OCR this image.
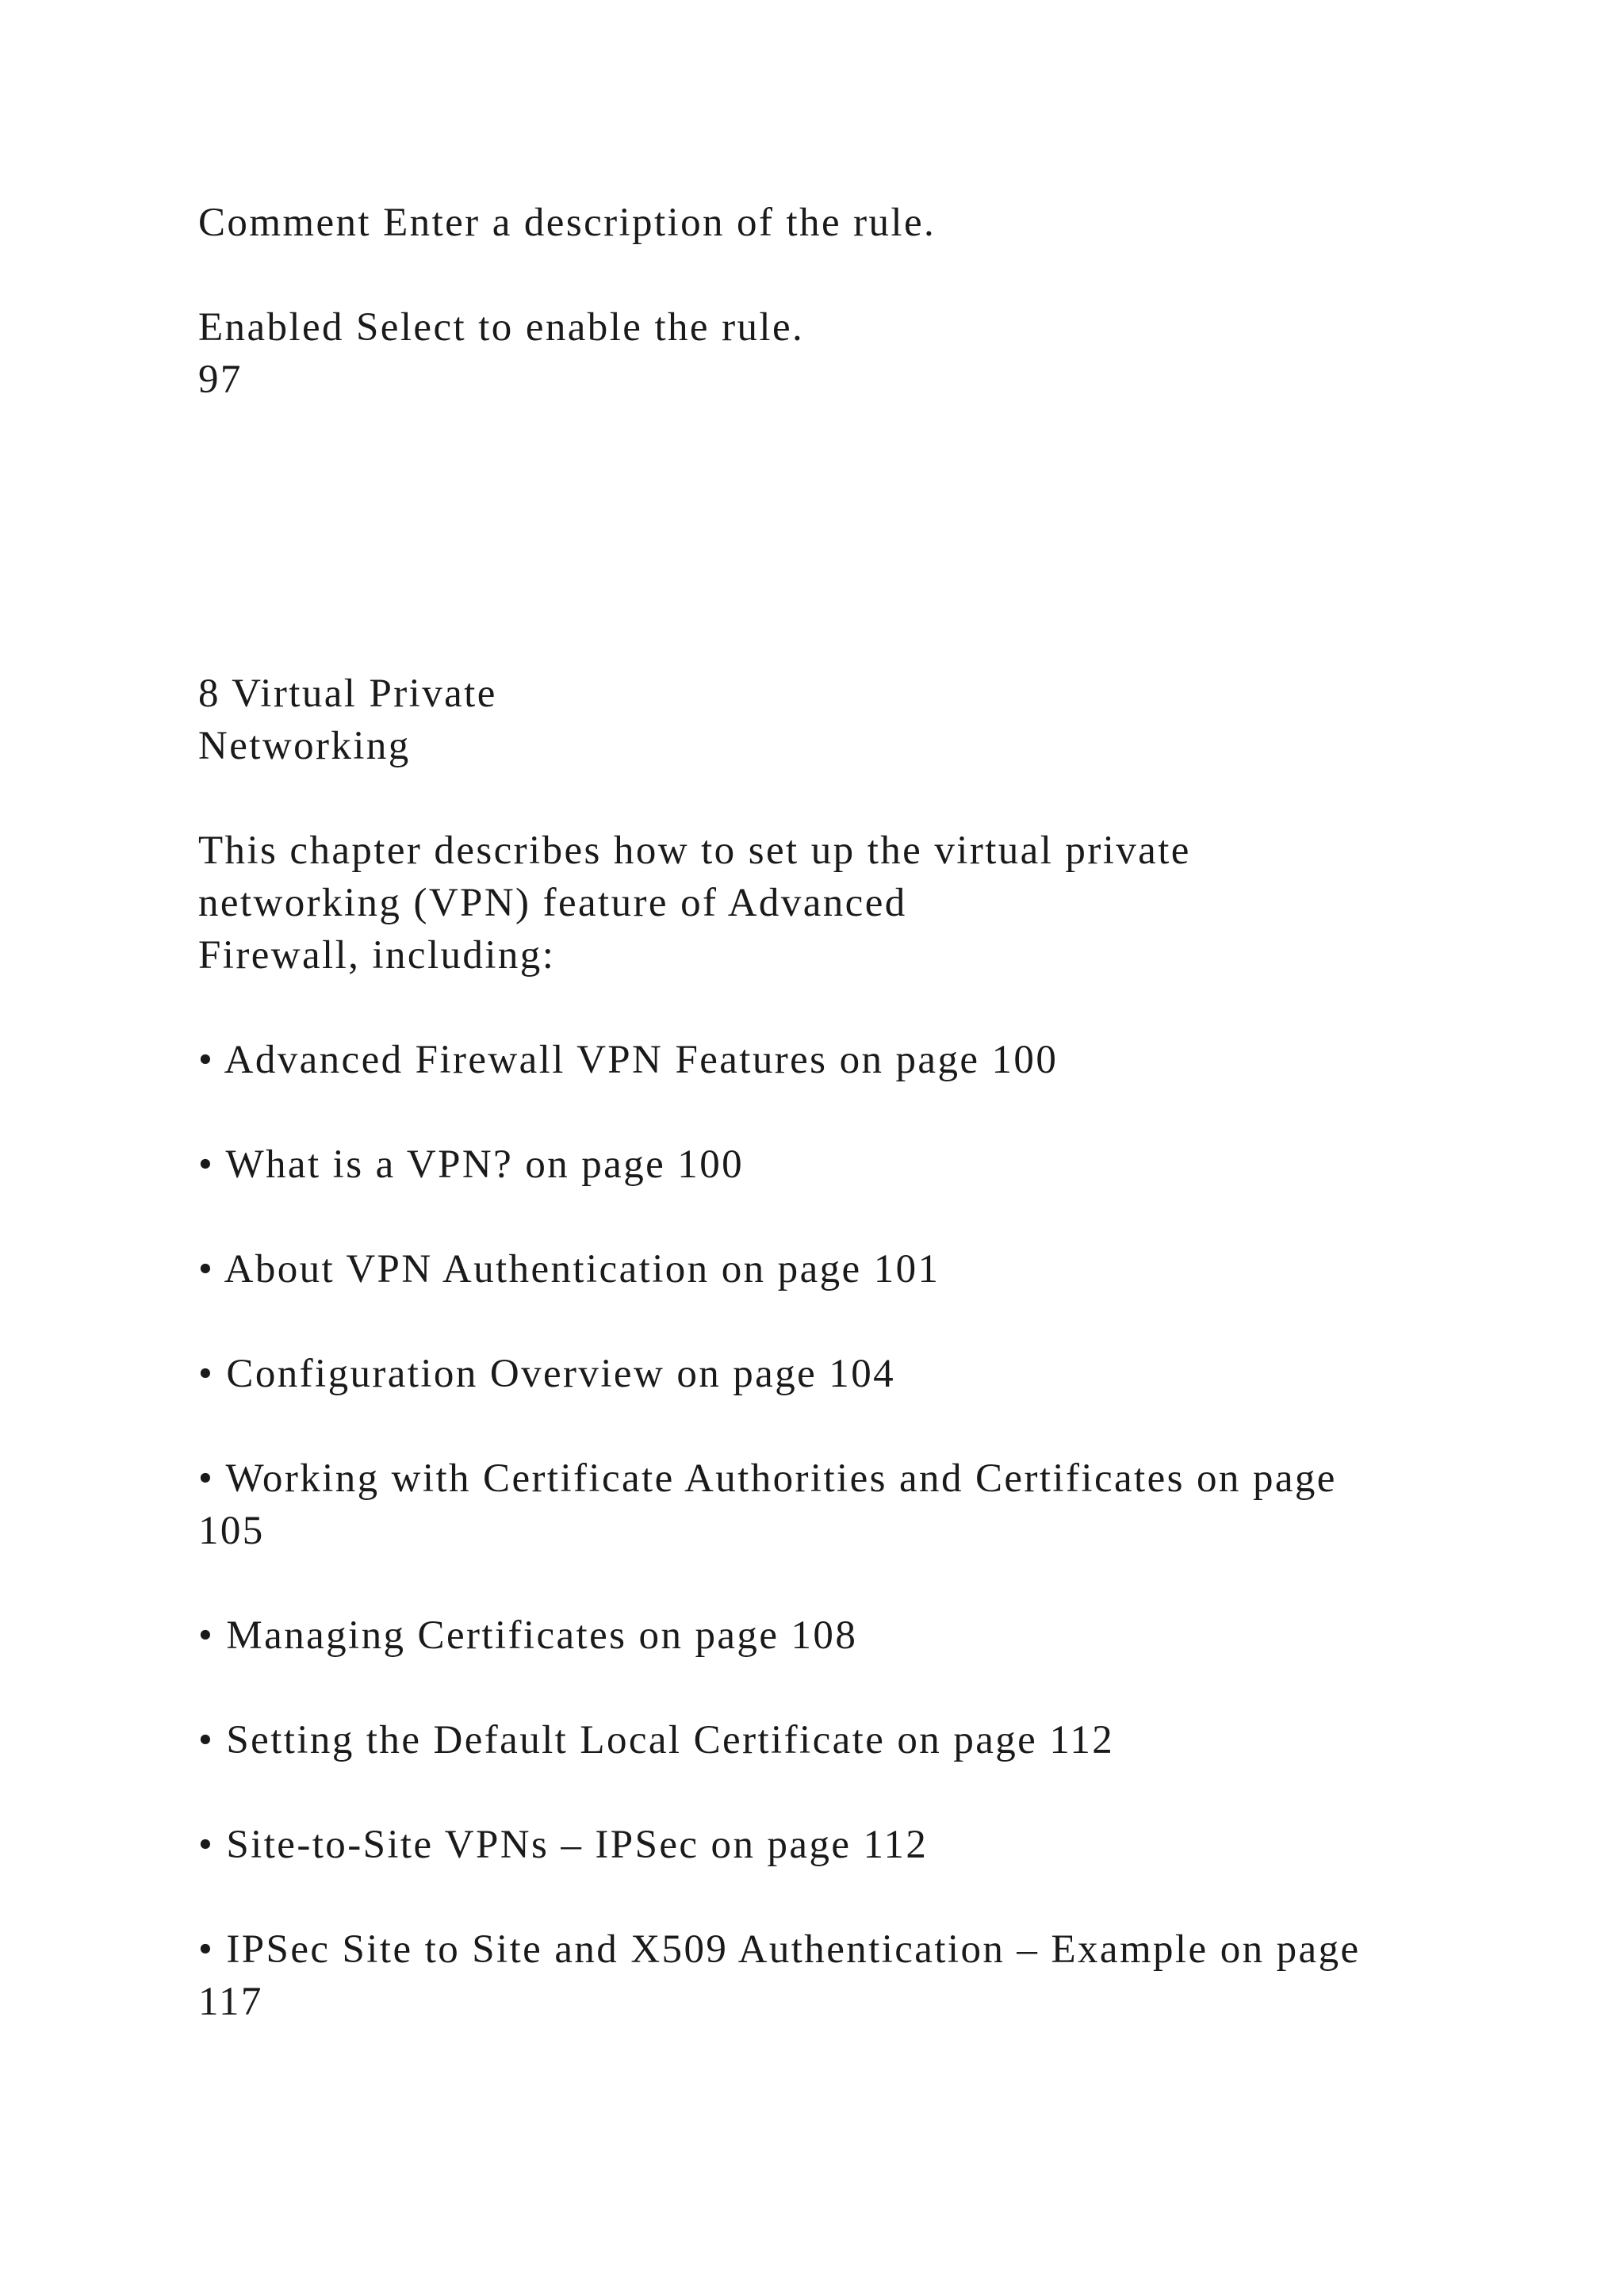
Comment Enter a description of the rule.

Enabled Select to enable the rule.

97

8 Virtual Private

Networking

This chapter describes how to set up the virtual private

networking (VPN) feature of Advanced

Firewall, including:

• Advanced Firewall VPN Features on page 100

• What is a VPN? on page 100

• About VPN Authentication on page 101

• Configuration Overview on page 104

• Working with Certificate Authorities and Certificates on page

105

• Managing Certificates on page 108

• Setting the Default Local Certificate on page 112

• Site-to-Site VPNs – IPSec on page 112

• IPSec Site to Site and X509 Authentication – Example on page

117
